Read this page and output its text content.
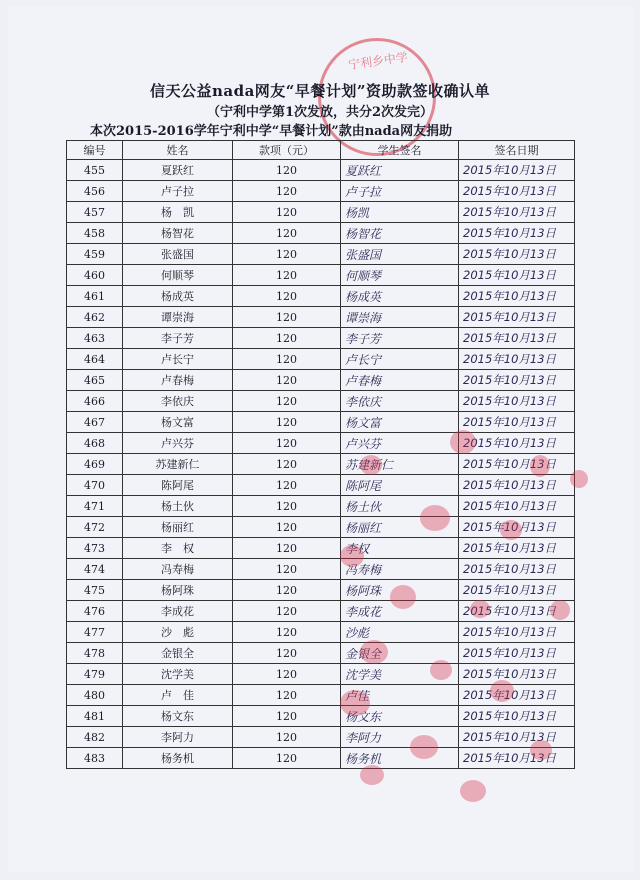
宁利乡中学
信天公益nada网友“早餐计划”资助款签收确认单
（宁利中学第1次发放，共分2次发完）
本次2015-2016学年宁利中学“早餐计划”款由nada网友捐助
编号	姓名	款项（元）	学生签名	签名日期
455	夏跃红	120	夏跃红	2015年10月13日
456	卢子拉	120	卢子拉	2015年10月13日
457	杨　凯	120	杨凯	2015年10月13日
458	杨智花	120	杨智花	2015年10月13日
459	张盛国	120	张盛国	2015年10月13日
460	何顺琴	120	何顺琴	2015年10月13日
461	杨成英	120	杨成英	2015年10月13日
462	谭崇海	120	谭崇海	2015年10月13日
463	李子芳	120	李子芳	2015年10月13日
464	卢长宁	120	卢长宁	2015年10月13日
465	卢春梅	120	卢春梅	2015年10月13日
466	李依庆	120	李依庆	2015年10月13日
467	杨文富	120	杨文富	2015年10月13日
468	卢兴芬	120	卢兴芬	2015年10月13日
469	苏建新仁	120	苏建新仁	2015年10月13日
470	陈阿尾	120	陈阿尾	2015年10月13日
471	杨土伙	120	杨土伙	2015年10月13日
472	杨丽红	120	杨丽红	2015年10月13日
473	李　权	120	李权	2015年10月13日
474	冯寿梅	120	冯寿梅	2015年10月13日
475	杨阿珠	120	杨阿珠	2015年10月13日
476	李成花	120	李成花	2015年10月13日
477	沙　彪	120	沙彪	2015年10月13日
478	金银全	120	金银全	2015年10月13日
479	沈学美	120	沈学美	2015年10月13日
480	卢　佳	120	卢佳	2015年10月13日
481	杨文东	120	杨文东	2015年10月13日
482	李阿力	120	李阿力	2015年10月13日
483	杨务机	120	杨务机	2015年10月13日
